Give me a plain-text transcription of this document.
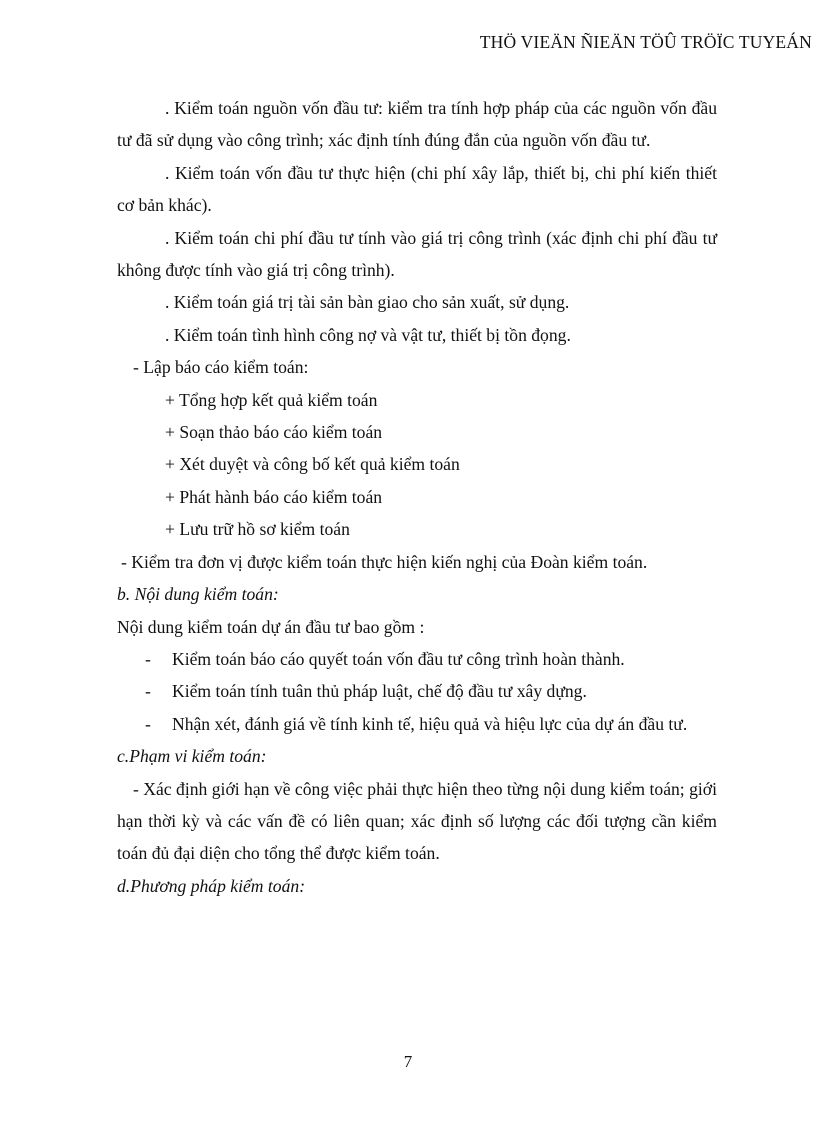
THÖ VIEÄN ÑIEÄN TÖÛ TRÖÏC TUYEÁN

. Kiểm toán nguồn vốn đầu tư: kiểm tra tính hợp pháp của các nguồn vốn đầu tư đã sử dụng vào công trình; xác định tính đúng đắn của nguồn vốn đầu tư.

. Kiểm toán vốn đầu tư thực hiện (chi phí xây lắp, thiết bị, chi phí kiến thiết cơ bản khác).

. Kiểm toán chi phí đầu tư tính vào giá trị công trình (xác định chi phí đầu tư không được tính vào giá trị công trình).

. Kiểm toán giá trị tài sản bàn giao cho sản xuất, sử dụng.
. Kiểm toán tình hình công nợ và vật tư, thiết bị tồn đọng.
- Lập báo cáo kiểm toán:
+ Tổng hợp kết quả kiểm toán
+ Soạn thảo báo cáo kiểm toán
+ Xét duyệt và công bố kết quả kiểm toán
+ Phát hành báo cáo kiểm toán
+ Lưu trữ hồ sơ kiểm toán
- Kiểm tra đơn vị được kiểm toán thực hiện kiến nghị của Đoàn kiểm toán.
b. Nội dung kiểm toán:
Nội dung kiểm toán dự án đầu tư bao gồm :
-	Kiểm toán báo cáo quyết toán vốn đầu tư công trình hoàn thành.
-	Kiểm toán tính tuân thủ pháp luật, chế độ đầu tư xây dựng.
-	Nhận xét, đánh giá về tính kinh tế, hiệu quả và hiệu lực của dự án đầu tư.
c.Phạm vi kiểm toán:

- Xác định giới hạn về công việc phải thực hiện theo từng nội dung kiểm toán; giới hạn thời kỳ và các vấn đề có liên quan; xác định số lượng các đối tượng cần kiểm toán đủ đại diện cho tổng thể được kiểm toán.

d.Phương pháp kiểm toán:
7
